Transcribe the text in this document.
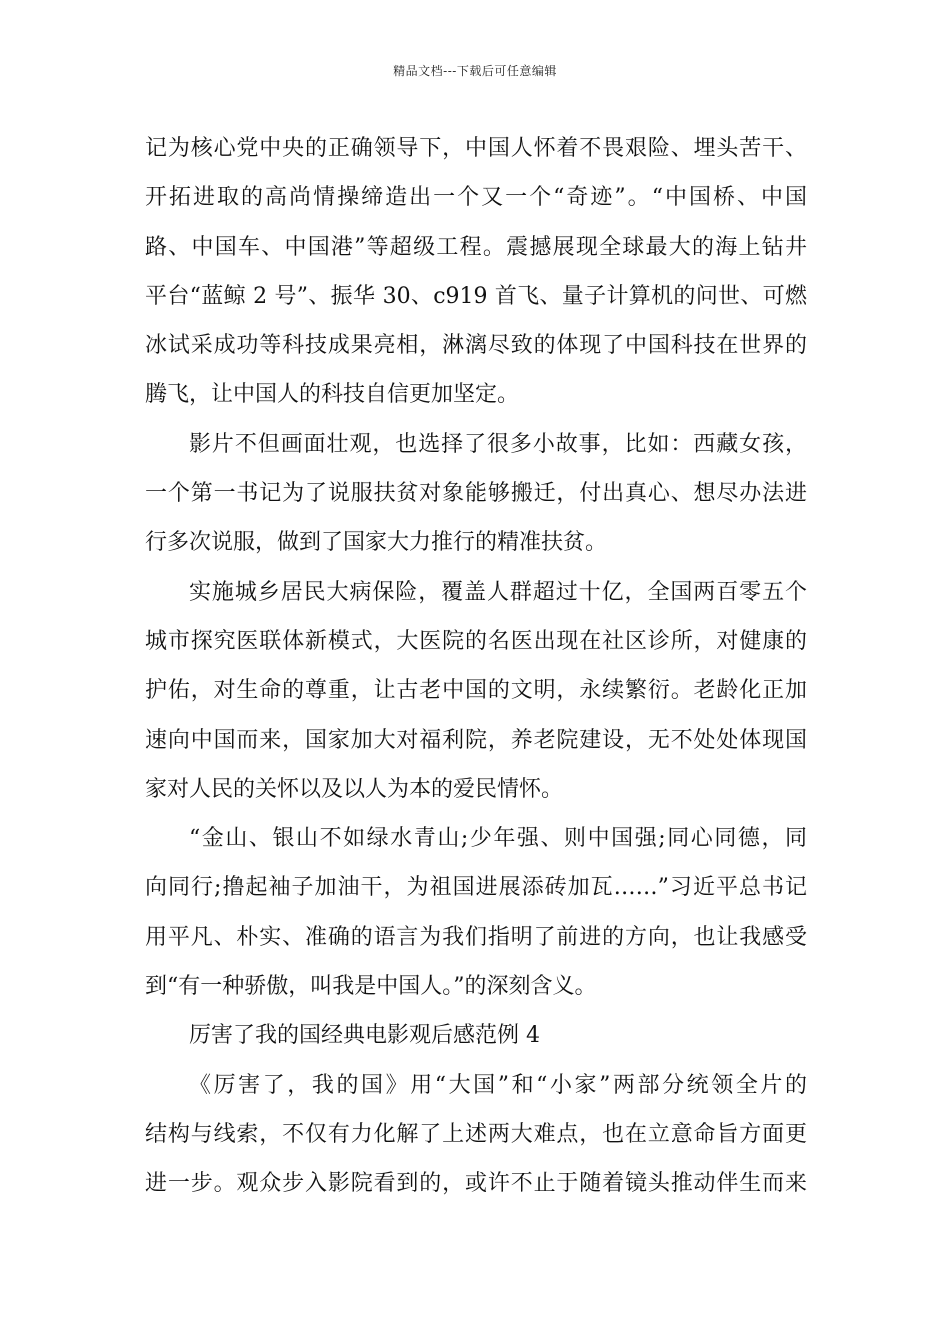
精品文档---下载后可任意编辑
记为核心党中央的正确领导下，中国人怀着不畏艰险、埋头苦干、
开拓进取的高尚情操缔造出一个又一个“奇迹”。“中国桥、中国
路、中国车、中国港”等超级工程。震撼展现全球最大的海上钻井
平台“蓝鲸 2 号”、振华 30、c919 首飞、量子计算机的问世、可燃
冰试采成功等科技成果亮相，淋漓尽致的体现了中国科技在世界的
腾飞，让中国人的科技自信更加坚定。
影片不但画面壮观，也选择了很多小故事，比如：西藏女孩，
一个第一书记为了说服扶贫对象能够搬迁，付出真心、想尽办法进
行多次说服，做到了国家大力推行的精准扶贫。
实施城乡居民大病保险，覆盖人群超过十亿，全国两百零五个
城市探究医联体新模式，大医院的名医出现在社区诊所，对健康的
护佑，对生命的尊重，让古老中国的文明，永续繁衍。老龄化正加
速向中国而来，国家加大对福利院，养老院建设，无不处处体现国
家对人民的关怀以及以人为本的爱民情怀。
“金山、银山不如绿水青山;少年强、则中国强;同心同德，同
向同行;撸起袖子加油干，为祖国进展添砖加瓦……”习近平总书记
用平凡、朴实、准确的语言为我们指明了前进的方向，也让我感受
到“有一种骄傲，叫我是中国人。”的深刻含义。
厉害了我的国经典电影观后感范例 4
《厉害了，我的国》用“大国”和“小家”两部分统领全片的
结构与线索，不仅有力化解了上述两大难点，也在立意命旨方面更
进一步。观众步入影院看到的，或许不止于随着镜头推动伴生而来
